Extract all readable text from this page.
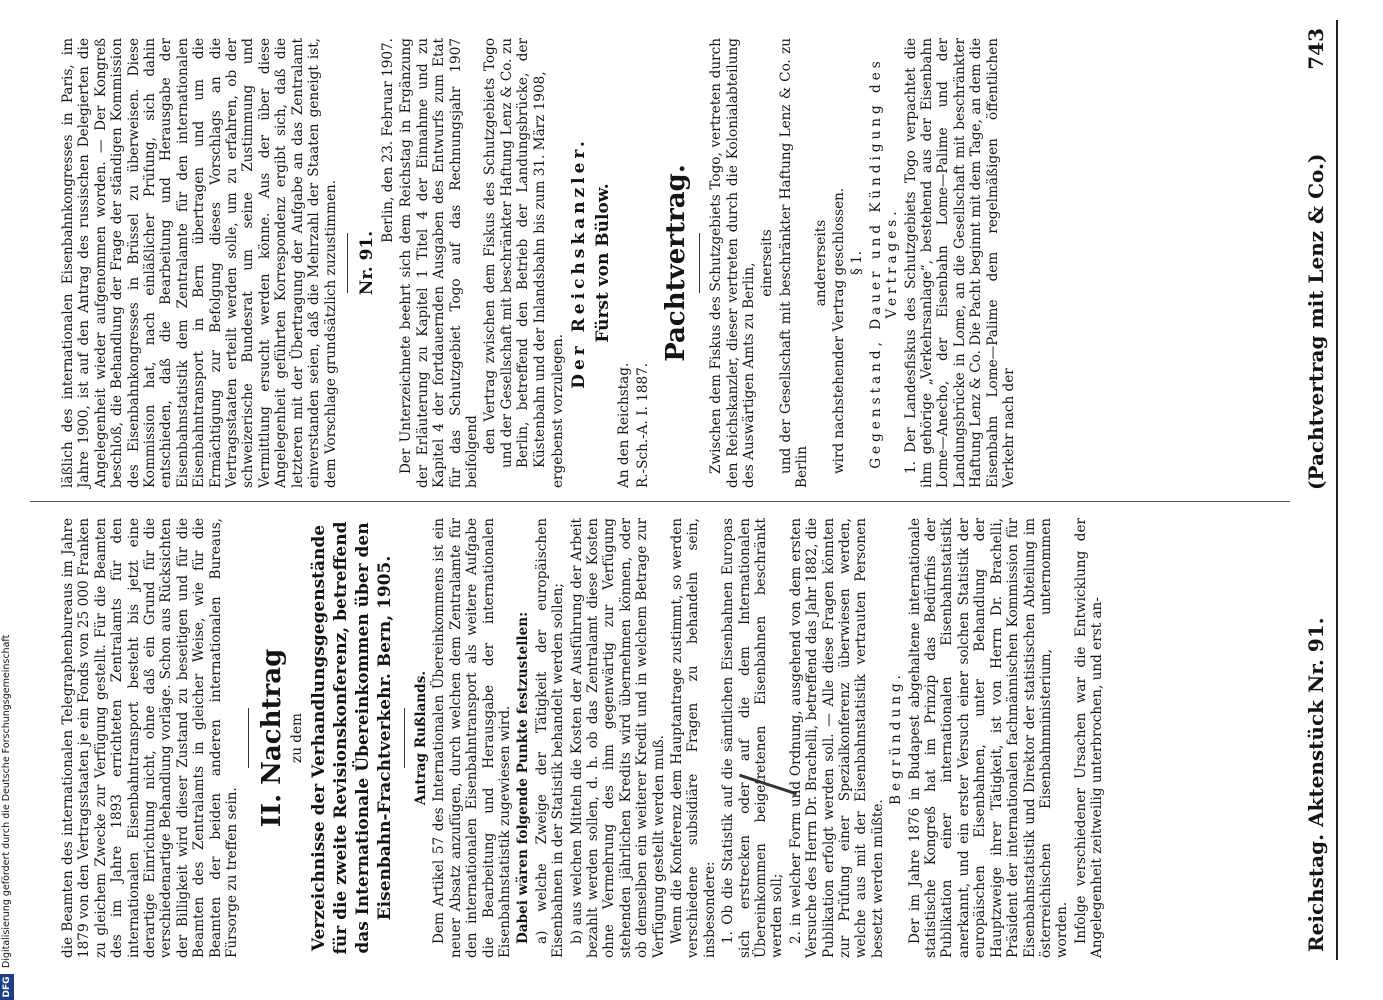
Reichstag. Aktenstück Nr. 91.
(Pachtvertrag mit Lenz & Co.)
743

die Beamten des internationalen Telegraphenbureaus im Jahre 1879 von den Vertragsstaaten je ein Fonds von 25 000 Franken zu gleichem Zwecke zur Verfügung gestellt. Für die Beamten des im Jahre 1893 errichteten Zentralamts für den internationalen Eisenbahntransport besteht bis jetzt eine derartige Einrichtung nicht, ohne daß ein Grund für die verschiedenartige Behandlung vorläge. Schon aus Rücksichten der Billigkeit wird dieser Zustand zu beseitigen und für die Beamten des Zentralamts in gleicher Weise, wie für die Beamten der beiden anderen internationalen Bureaus, Fürsorge zu treffen sein.

II. Nachtrag zu dem Verzeichnisse der Verhandlungsgegenstände für die zweite Revisionskonferenz, betreffend das Internationale Übereinkommen über den Eisenbahn-Frachtverkehr. Bern, 1905. Antrag Rußlands. Dem Artikel 57 des Internationalen Übereinkommens ist ein neuer Absatz anzufügen, durch welchen dem Zentralamte für den internationalen Eisenbahntransport als weitere Aufgabe die Bearbeitung und Herausgabe der internationalen Eisenbahnstatistik zugewiesen wird. Dabei wären folgende Punkte festzustellen: a) welche Zweige der Tätigkeit der europäischen Eisenbahnen in der Statistik behandelt werden sollen; b) aus welchen Mitteln die Kosten der Ausführung der Arbeit bezahlt werden sollen, d. h. ob das Zentralamt diese Kosten ohne Vermehrung des ihm gegenwärtig zur Verfügung stehenden jährlichen Kredits wird übernehmen können, oder ob demselben ein weiterer Kredit und in welchem Betrage zur Verfügung gestellt werden muß. Wenn die Konferenz dem Hauptantrage zustimmt, so werden verschiedene subsidiäre Fragen zu behandeln sein, insbesondere: 1. Ob die Statistik auf die sämtlichen Eisenbahnen Europas sich erstrecken oder auf die dem Internationalen Übereinkommen beigetretenen Eisenbahnen beschränkt werden soll; 2. in welcher Form und Ordnung, ausgehend von dem ersten Versuche des Herrn Dr. Brachelli, betreffend das Jahr 1882, die Publikation erfolgt werden soll. — Alle diese Fragen könnten zur Prüfung einer Spezialkonferenz überwiesen werden, welche aus mit der Eisenbahnstatistik vertrauten Personen besetzt werden müßte.

Begründung. Der im Jahre 1876 in Budapest abgehaltene internationale statistische Kongreß hat im Prinzip das Bedürfnis der Publikation einer internationalen Eisenbahnstatistik anerkannt, und ein erster Versuch einer solchen Statistik der europäischen Eisenbahnen, unter Behandlung der Hauptzweige ihrer Tätigkeit, ist von Herrn Dr. Brachelli, Präsident der internationalen fachmännischen Kommission für Eisenbahnstatistik und Direktor der statistischen Abteilung im österreichischen Eisenbahnministerium, unternommen worden. Infolge verschiedener Ursachen war die Entwicklung der Angelegenheit zeitweilig unterbrochen, und erst an-

läßlich des internationalen Eisenbahnkongresses in Paris, im Jahre 1900, ist auf den Antrag des russischen Delegierten die Angelegenheit wieder aufgenommen worden. — Der Kongreß beschloß, die Behandlung der Frage der ständigen Kommission des Eisenbahnkongresses in Brüssel zu überweisen. Diese Kommission hat, nach einläßlicher Prüfung, sich dahin entschieden, daß die Bearbeitung und Herausgabe der Eisenbahnstatistik dem Zentralamte für den internationalen Eisenbahntransport in Bern übertragen und um die Ermächtigung zur Befolgung dieses Vorschlags an die Vertragsstaaten erteilt werden solle, um zu erfahren, ob der schweizerische Bundesrat um seine Zustimmung und Vermittlung ersucht werden könne. Aus der über diese Angelegenheit geführten Korrespondenz ergibt sich, daß die letzteren mit der Übertragung der Aufgabe an das Zentralamt einverstanden seien, daß die Mehrzahl der Staaten geneigt ist, dem Vorschlage grundsätzlich zuzustimmen. Nr. 91.

Berlin, den 23. Februar 1907. Der Unterzeichnete beehrt sich dem Reichstag in Ergänzung der Erläuterung zu Kapitel 1 Titel 4 der Einnahme und zu Kapitel 4 der fortdauernden Ausgaben des Entwurfs zum Etat für das Schutzgebiet Togo auf das Rechnungsjahr 1907 beifolgend den Vertrag zwischen dem Fiskus des Schutzgebiets Togo und der Gesellschaft mit beschränkter Haftung Lenz & Co. zu Berlin, betreffend den Betrieb der Landungsbrücke, der Küstenbahn und der Inlandsbahn bis zum 31. März 1908, ergebenst vorzulegen.

Der Reichskanzler. Fürst von Bülow.

An den Reichstag. R.-Sch.-A. I. 1887.

Pachtvertrag. Zwischen dem Fiskus des Schutzgebiets Togo, vertreten durch den Reichskanzler, dieser vertreten durch die Kolonialabteilung des Auswärtigen Amts zu Berlin, einerseits und der Gesellschaft mit beschränkter Haftung Lenz & Co. zu Berlin

andererseits wird nachstehender Vertrag geschlossen. § 1. Gegenstand, Dauer und Kündigung des Vertrages. 1. Der Landesfiskus des Schutzgebiets Togo verpachtet die ihm gehörige „Verkehrsanlage“, bestehend aus der Eisenbahn Lome—Anecho, der Eisenbahn Lome—Palime und der Landungsbrücke in Lome, an die Gesellschaft mit beschränkter Haftung Lenz & Co. Die Pacht beginnt mit dem Tage, an dem die Eisenbahn Lome—Palime dem regelmäßigen öffentlichen Verkehr nach der

DFG
Digitalisierung gefördert durch die Deutsche Forschungsgemeinschaft
